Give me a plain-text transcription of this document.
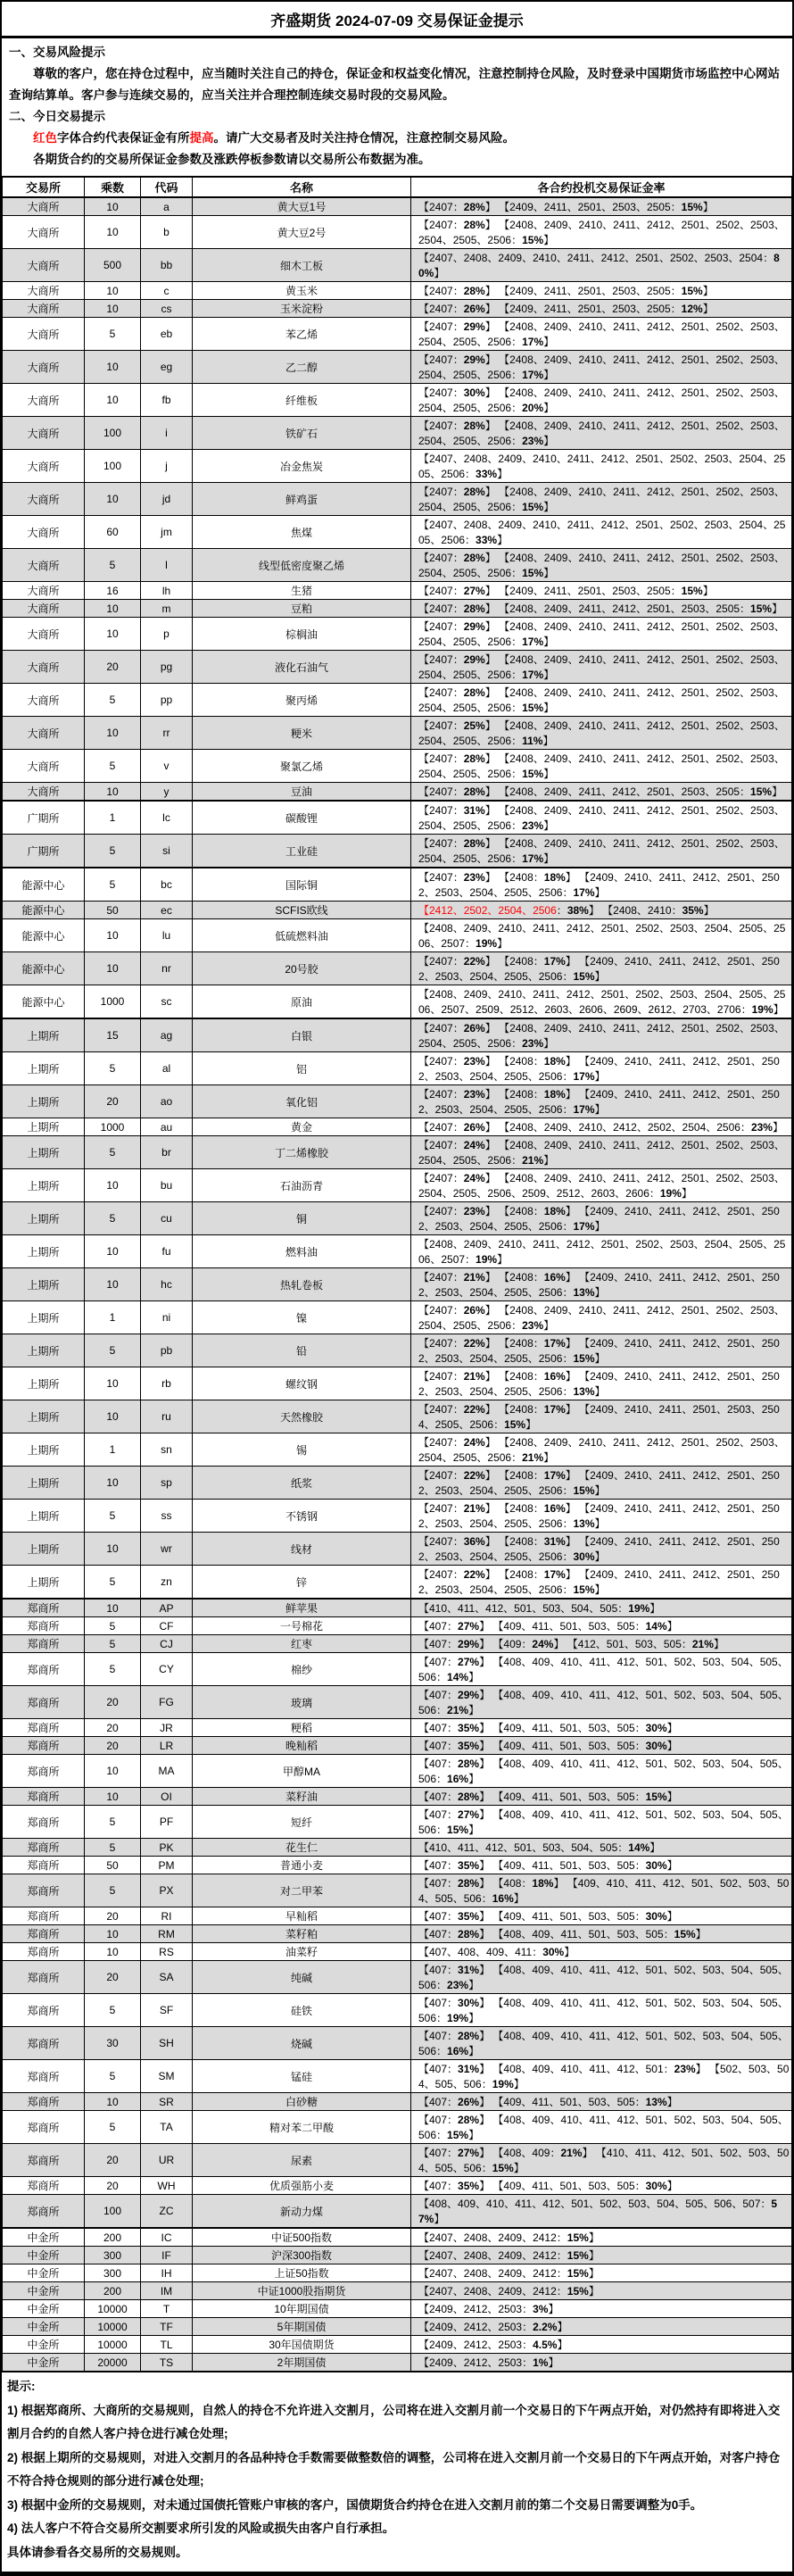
齐盛期货 2024-07-09 交易保证金提示

一、交易风险提示

尊敬的客户，您在持仓过程中，应当随时关注自己的持仓，保证金和权益变化情况，注意控制持仓风险，及时登录中国期货市场监控中心网站查询结算单。客户参与连续交易的，应当关注并合理控制连续交易时段的交易风险。

二、今日交易提示

红色字体合约代表保证金有所提高。请广大交易者及时关注持仓情况，注意控制交易风险。

各期货合约的交易所保证金参数及涨跌停板参数请以交易所公布数据为准。

交易所	乘数	代码	名称	各合约投机交易保证金率
大商所	10	a	黄大豆1号	【2407：28%】 【2409、2411、2501、2503、2505：15%】
大商所	10	b	黄大豆2号	【2407：28%】 【2408、2409、2410、2411、2412、2501、2502、2503、2504、2505、2506：15%】
大商所	500	bb	细木工板	【2407、2408、2409、2410、2411、2412、2501、2502、2503、2504：80%】
大商所	10	c	黄玉米	【2407：28%】 【2409、2411、2501、2503、2505：15%】
大商所	10	cs	玉米淀粉	【2407：26%】 【2409、2411、2501、2503、2505：12%】
大商所	5	eb	苯乙烯	【2407：29%】 【2408、2409、2410、2411、2412、2501、2502、2503、2504、2505、2506：17%】
大商所	10	eg	乙二醇	【2407：29%】 【2408、2409、2410、2411、2412、2501、2502、2503、2504、2505、2506：17%】
大商所	10	fb	纤维板	【2407：30%】 【2408、2409、2410、2411、2412、2501、2502、2503、2504、2505、2506：20%】
大商所	100	i	铁矿石	【2407：28%】 【2408、2409、2410、2411、2412、2501、2502、2503、2504、2505、2506：23%】
大商所	100	j	冶金焦炭	【2407、2408、2409、2410、2411、2412、2501、2502、2503、2504、2505、2506：33%】
大商所	10	jd	鲜鸡蛋	【2407：28%】 【2408、2409、2410、2411、2412、2501、2502、2503、2504、2505、2506：15%】
大商所	60	jm	焦煤	【2407、2408、2409、2410、2411、2412、2501、2502、2503、2504、2505、2506：33%】
大商所	5	l	线型低密度聚乙烯	【2407：28%】 【2408、2409、2410、2411、2412、2501、2502、2503、2504、2505、2506：15%】
大商所	16	lh	生猪	【2407：27%】 【2409、2411、2501、2503、2505：15%】
大商所	10	m	豆粕	【2407：28%】 【2408、2409、2411、2412、2501、2503、2505：15%】
大商所	10	p	棕榈油	【2407：29%】 【2408、2409、2410、2411、2412、2501、2502、2503、2504、2505、2506：17%】
大商所	20	pg	液化石油气	【2407：29%】 【2408、2409、2410、2411、2412、2501、2502、2503、2504、2505、2506：17%】
大商所	5	pp	聚丙烯	【2407：28%】 【2408、2409、2410、2411、2412、2501、2502、2503、2504、2505、2506：15%】
大商所	10	rr	粳米	【2407：25%】 【2408、2409、2410、2411、2412、2501、2502、2503、2504、2505、2506：11%】
大商所	5	v	聚氯乙烯	【2407：28%】 【2408、2409、2410、2411、2412、2501、2502、2503、2504、2505、2506：15%】
大商所	10	y	豆油	【2407：28%】 【2408、2409、2411、2412、2501、2503、2505：15%】
广期所	1	lc	碳酸锂	【2407：31%】 【2408、2409、2410、2411、2412、2501、2502、2503、2504、2505、2506：23%】
广期所	5	si	工业硅	【2407：28%】 【2408、2409、2410、2411、2412、2501、2502、2503、2504、2505、2506：17%】
能源中心	5	bc	国际铜	【2407：23%】 【2408：18%】 【2409、2410、2411、2412、2501、2502、2503、2504、2505、2506：17%】
能源中心	50	ec	SCFIS欧线	【2412、2502、2504、2506：38%】 【2408、2410：35%】
能源中心	10	lu	低硫燃料油	【2408、2409、2410、2411、2412、2501、2502、2503、2504、2505、2506、2507：19%】
能源中心	10	nr	20号胶	【2407：22%】 【2408：17%】 【2409、2410、2411、2412、2501、2502、2503、2504、2505、2506：15%】
能源中心	1000	sc	原油	【2408、2409、2410、2411、2412、2501、2502、2503、2504、2505、2506、2507、2509、2512、2603、2606、2609、2612、2703、2706：19%】
上期所	15	ag	白银	【2407：26%】 【2408、2409、2410、2411、2412、2501、2502、2503、2504、2505、2506：23%】
上期所	5	al	铝	【2407：23%】 【2408：18%】 【2409、2410、2411、2412、2501、2502、2503、2504、2505、2506：17%】
上期所	20	ao	氧化铝	【2407：23%】 【2408：18%】 【2409、2410、2411、2412、2501、2502、2503、2504、2505、2506：17%】
上期所	1000	au	黄金	【2407：26%】 【2408、2409、2410、2412、2502、2504、2506：23%】
上期所	5	br	丁二烯橡胶	【2407：24%】 【2408、2409、2410、2411、2412、2501、2502、2503、2504、2505、2506：21%】
上期所	10	bu	石油沥青	【2407：24%】 【2408、2409、2410、2411、2412、2501、2502、2503、2504、2505、2506、2509、2512、2603、2606：19%】
上期所	5	cu	铜	【2407：23%】 【2408：18%】 【2409、2410、2411、2412、2501、2502、2503、2504、2505、2506：17%】
上期所	10	fu	燃料油	【2408、2409、2410、2411、2412、2501、2502、2503、2504、2505、2506、2507：19%】
上期所	10	hc	热轧卷板	【2407：21%】 【2408：16%】 【2409、2410、2411、2412、2501、2502、2503、2504、2505、2506：13%】
上期所	1	ni	镍	【2407：26%】 【2408、2409、2410、2411、2412、2501、2502、2503、2504、2505、2506：23%】
上期所	5	pb	铅	【2407：22%】 【2408：17%】 【2409、2410、2411、2412、2501、2502、2503、2504、2505、2506：15%】
上期所	10	rb	螺纹钢	【2407：21%】 【2408：16%】 【2409、2410、2411、2412、2501、2502、2503、2504、2505、2506：13%】
上期所	10	ru	天然橡胶	【2407：22%】 【2408：17%】 【2409、2410、2411、2501、2503、2504、2505、2506：15%】
上期所	1	sn	锡	【2407：24%】 【2408、2409、2410、2411、2412、2501、2502、2503、2504、2505、2506：21%】
上期所	10	sp	纸浆	【2407：22%】 【2408：17%】 【2409、2410、2411、2412、2501、2502、2503、2504、2505、2506：15%】
上期所	5	ss	不锈钢	【2407：21%】 【2408：16%】 【2409、2410、2411、2412、2501、2502、2503、2504、2505、2506：13%】
上期所	10	wr	线材	【2407：36%】 【2408：31%】 【2409、2410、2411、2412、2501、2502、2503、2504、2505、2506：30%】
上期所	5	zn	锌	【2407：22%】 【2408：17%】 【2409、2410、2411、2412、2501、2502、2503、2504、2505、2506：15%】
郑商所	10	AP	鲜苹果	【410、411、412、501、503、504、505：19%】
郑商所	5	CF	一号棉花	【407：27%】 【409、411、501、503、505：14%】
郑商所	5	CJ	红枣	【407：29%】 【409：24%】 【412、501、503、505：21%】
郑商所	5	CY	棉纱	【407：27%】 【408、409、410、411、412、501、502、503、504、505、506：14%】
郑商所	20	FG	玻璃	【407：29%】 【408、409、410、411、412、501、502、503、504、505、506：21%】
郑商所	20	JR	粳稻	【407：35%】 【409、411、501、503、505：30%】
郑商所	20	LR	晚籼稻	【407：35%】 【409、411、501、503、505：30%】
郑商所	10	MA	甲醇MA	【407：28%】 【408、409、410、411、412、501、502、503、504、505、506：16%】
郑商所	10	OI	菜籽油	【407：28%】 【409、411、501、503、505：15%】
郑商所	5	PF	短纤	【407：27%】 【408、409、410、411、412、501、502、503、504、505、506：15%】
郑商所	5	PK	花生仁	【410、411、412、501、503、504、505：14%】
郑商所	50	PM	普通小麦	【407：35%】 【409、411、501、503、505：30%】
郑商所	5	PX	对二甲苯	【407：28%】 【408：18%】 【409、410、411、412、501、502、503、504、505、506：16%】
郑商所	20	RI	早籼稻	【407：35%】 【409、411、501、503、505：30%】
郑商所	10	RM	菜籽粕	【407：28%】 【408、409、411、501、503、505：15%】
郑商所	10	RS	油菜籽	【407、408、409、411：30%】
郑商所	20	SA	纯碱	【407：31%】 【408、409、410、411、412、501、502、503、504、505、506：23%】
郑商所	5	SF	硅铁	【407：30%】 【408、409、410、411、412、501、502、503、504、505、506：19%】
郑商所	30	SH	烧碱	【407：28%】 【408、409、410、411、412、501、502、503、504、505、506：16%】
郑商所	5	SM	锰硅	【407：31%】 【408、409、410、411、412、501：23%】 【502、503、504、505、506：19%】
郑商所	10	SR	白砂糖	【407：26%】 【409、411、501、503、505：13%】
郑商所	5	TA	精对苯二甲酸	【407：28%】 【408、409、410、411、412、501、502、503、504、505、506：15%】
郑商所	20	UR	尿素	【407：27%】 【408、409：21%】 【410、411、412、501、502、503、504、505、506：15%】
郑商所	20	WH	优质强筋小麦	【407：35%】 【409、411、501、503、505：30%】
郑商所	100	ZC	新动力煤	【408、409、410、411、412、501、502、503、504、505、506、507：57%】
中金所	200	IC	中证500指数	【2407、2408、2409、2412：15%】
中金所	300	IF	沪深300指数	【2407、2408、2409、2412：15%】
中金所	300	IH	上证50指数	【2407、2408、2409、2412：15%】
中金所	200	IM	中证1000股指期货	【2407、2408、2409、2412：15%】
中金所	10000	T	10年期国债	【2409、2412、2503：3%】
中金所	10000	TF	5年期国债	【2409、2412、2503：2.2%】
中金所	10000	TL	30年国债期货	【2409、2412、2503：4.5%】
中金所	20000	TS	2年期国债	【2409、2412、2503：1%】

提示:

1) 根据郑商所、大商所的交易规则，自然人的持仓不允许进入交割月，公司将在进入交割月前一个交易日的下午两点开始，对仍然持有即将进入交割月合约的自然人客户持仓进行减仓处理;

2) 根据上期所的交易规则，对进入交割月的各品种持仓手数需要做整数倍的调整，公司将在进入交割月前一个交易日的下午两点开始，对客户持仓不符合持仓规则的部分进行减仓处理;

3) 根据中金所的交易规则，对未通过国债托管账户审核的客户，国债期货合约持仓在进入交割月前的第二个交易日需要调整为0手。

4) 法人客户不符合交易所交割要求所引发的风险或损失由客户自行承担。

具体请参看各交易所的交易规则。
